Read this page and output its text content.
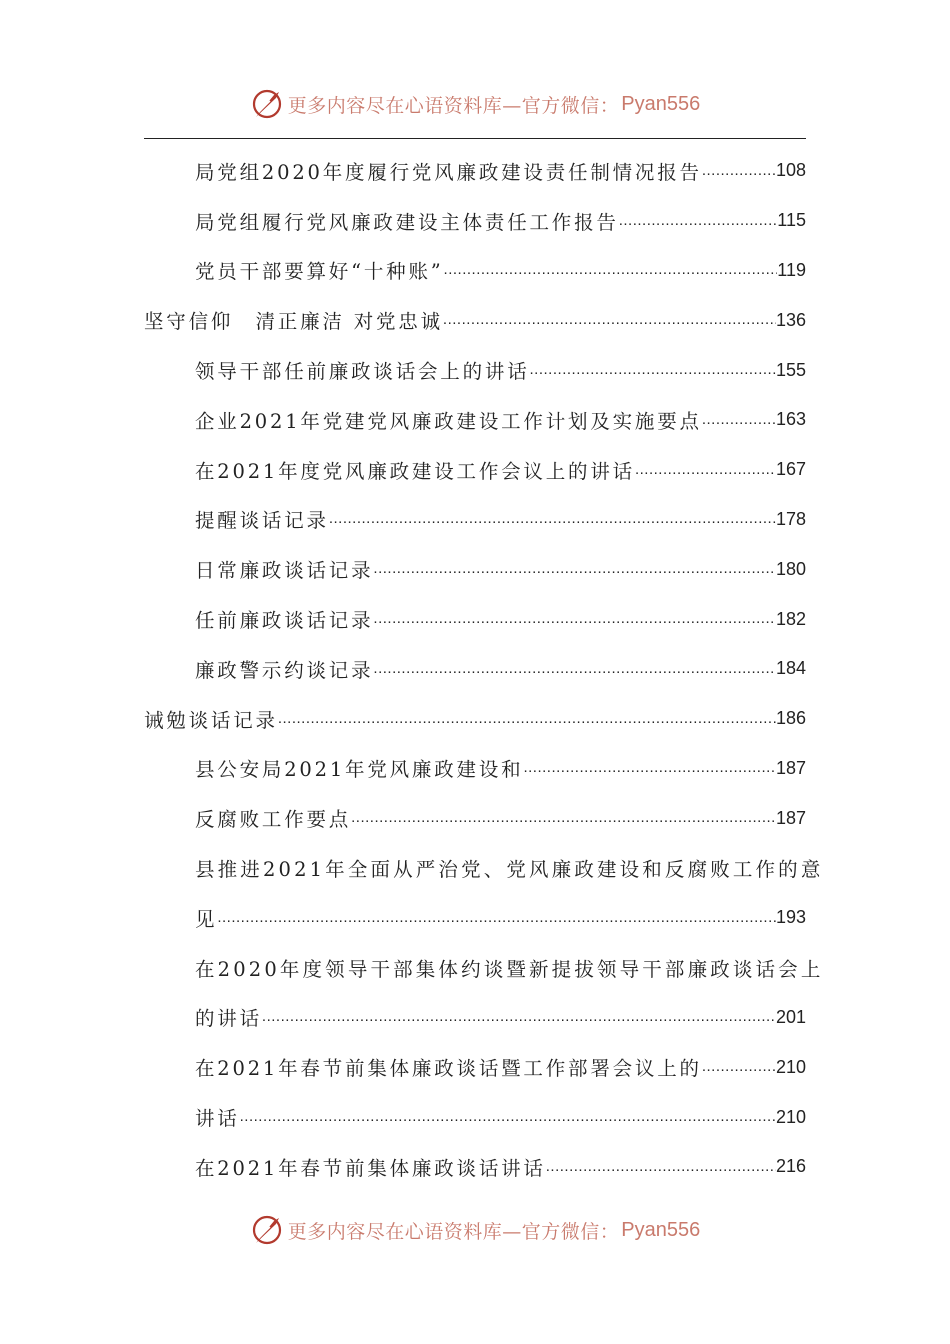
更多内容尽在心语资料库—官方微信： Pyan556
局党组2020年度履行党风廉政建设责任制情况报告 .....	108
局党组履行党风廉政建设主体责任工作报告 .....	115
党员干部要算好“十种账” .....	119
坚守信仰　清正廉洁 对党忠诚 .....	136
领导干部任前廉政谈话会上的讲话 .....	155
企业2021年党建党风廉政建设工作计划及实施要点 .....	163
在2021年度党风廉政建设工作会议上的讲话 .....	167
提醒谈话记录 .....	178
日常廉政谈话记录 .....	180
任前廉政谈话记录 .....	182
廉政警示约谈记录 .....	184
诫勉谈话记录 .....	186
县公安局2021年党风廉政建设和 .....	187
反腐败工作要点 .....	187
县推进2021年全面从严治党、党风廉政建设和反腐败工作的意
见 .....	193
在2020年度领导干部集体约谈暨新提拔领导干部廉政谈话会上
的讲话 .....	201
在2021年春节前集体廉政谈话暨工作部署会议上的 .....	210
讲话 .....	210
在2021年春节前集体廉政谈话讲话 .....	216
更多内容尽在心语资料库—官方微信： Pyan556
